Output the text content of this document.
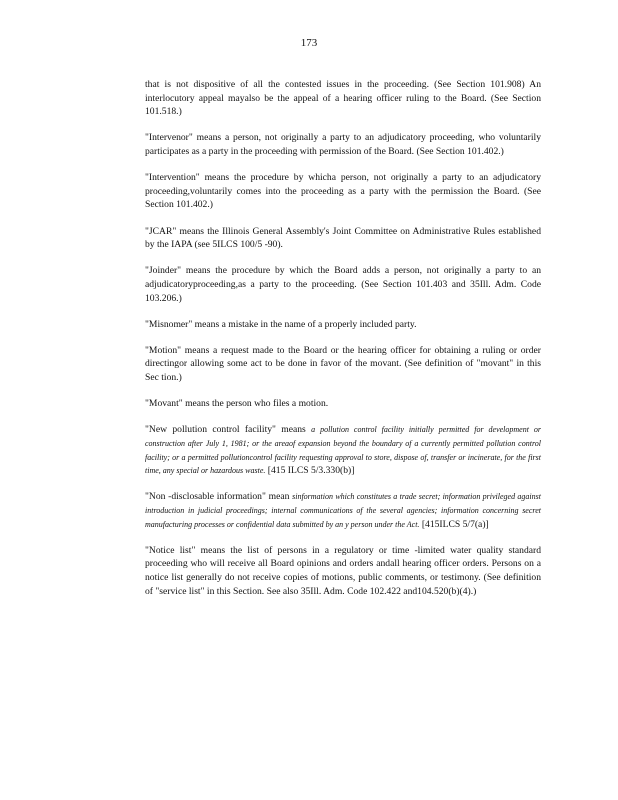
173

that is not dispositive of all the contested issues in the proceeding. (See Section 101.908) An interlocutory appeal mayalso be the appeal of a hearing officer ruling to the Board. (See Section 101.518.)

"Intervenor" means a person, not originally a party to an adjudicatory proceeding, who voluntarily participates as a party in the proceeding with permission of the Board. (See Section 101.402.)

"Intervention" means the procedure by whicha person, not originally a party to an adjudicatory proceeding,voluntarily comes into the proceeding as a party with the permission the Board. (See Section 101.402.)

"JCAR" means the Illinois General Assembly's Joint Committee on Administrative Rules established by the IAPA (see 5ILCS 100/5 -90).

"Joinder" means the procedure by which the Board adds a person, not originally a party to an adjudicatoryproceeding,as a party to the proceeding. (See Section 101.403 and 35Ill. Adm. Code 103.206.)

"Misnomer" means a mistake in the name of a properly included party.

"Motion" means a request made to the Board or the hearing officer for obtaining a ruling or order directingor allowing some act to be done in favor of the movant. (See definition of "movant" in this Sec tion.)

"Movant" means the person who files a motion.

"New pollution control facility" means a pollution control facility initially permitted for development or construction after July 1, 1981; or the areaof expansion beyond the boundary of a currently permitted pollution control facility; or a permitted pollutioncontrol facility requesting approval to store, dispose of, transfer or incinerate, for the first time, any special or hazardous waste. [415 ILCS 5/3.330(b)]

"Non -disclosable information" mean sinformation which constitutes a trade secret; information privileged against introduction in judicial proceedings; internal communications of the several agencies; information concerning secret manufacturing processes or confidential data submitted by an y person under the Act. [415ILCS 5/7(a)]

"Notice list" means the list of persons in a regulatory or time -limited water quality standard proceeding who will receive all Board opinions and orders andall hearing officer orders. Persons on a notice list generally do not receive copies of motions, public comments, or testimony. (See definition of "service list" in this Section. See also 35Ill. Adm. Code 102.422 and104.520(b)(4).)
